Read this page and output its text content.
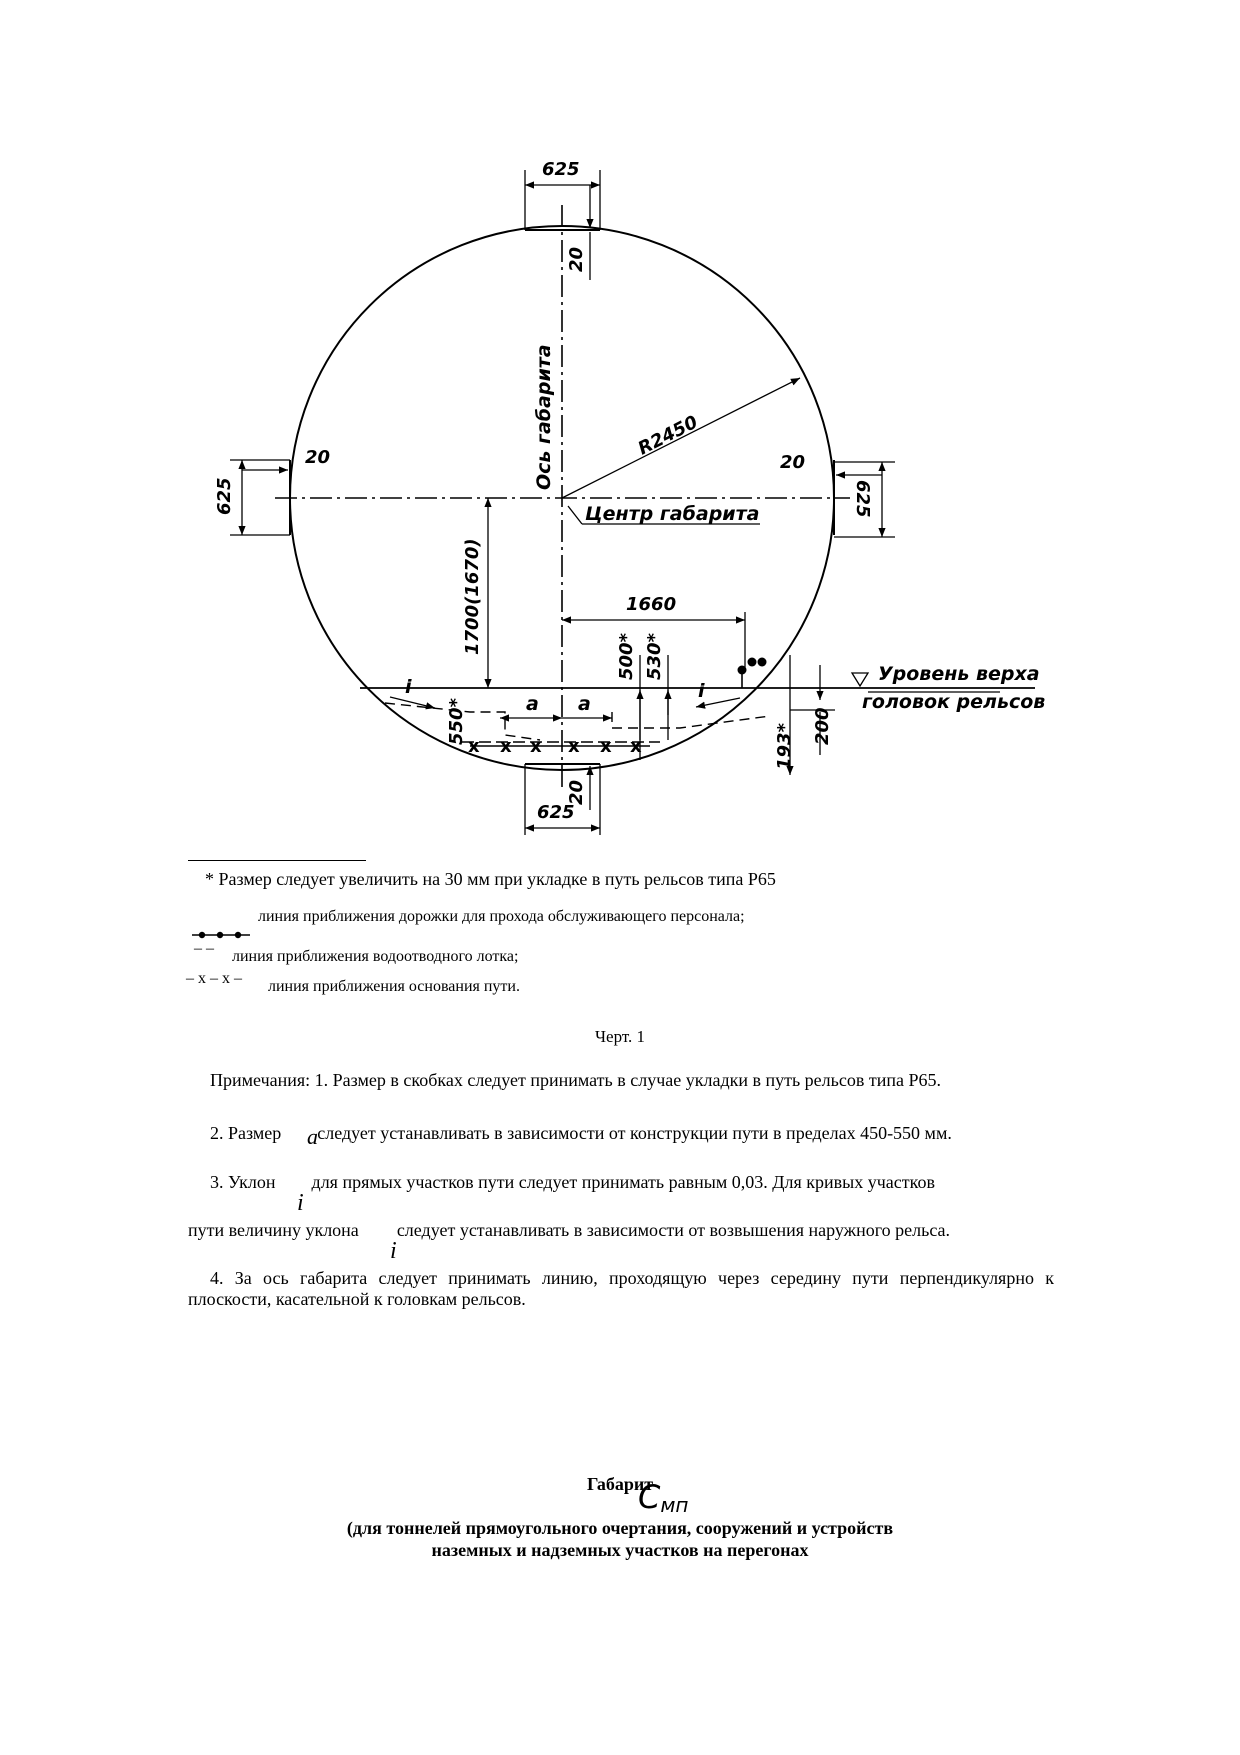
x x x x x x
625
20
Ось габарита	R2450
20
625
20
625
Центр габарита
1700(1670)	1660
500* 530*	Уровень верха
головок рельсов
i	i
a a
550*	200
193*
20
625
* Размер следует увеличить на 30 мм при укладке в путь рельсов типа Р65
линия приближения дорожки для прохода обслуживающего персонала;
– – линия приближения водоотводного лотка;
– х – х – линия приближения основания пути.
Черт. 1
Примечания: 1. Размер в скобках следует принимать в случае укладки в путь рельсов типа Р65.
2. Размер следует устанавливать в зависимости от конструкции пути в пределах 450-550 мм.
a
3. Уклон для прямых участков пути следует принимать равным 0,03. Для кривых участков
i
пути величину уклона следует устанавливать в зависимости от возвышения наружного рельса.
i
4. За ось габарита следует принимать линию, проходящую через середину пути перпендикулярно к плоскости, касательной к головкам рельсов.
Габарит
$C_{мп}$
(для тоннелей прямоугольного очертания, сооружений и устройств
наземных и надземных участков на перегонах
